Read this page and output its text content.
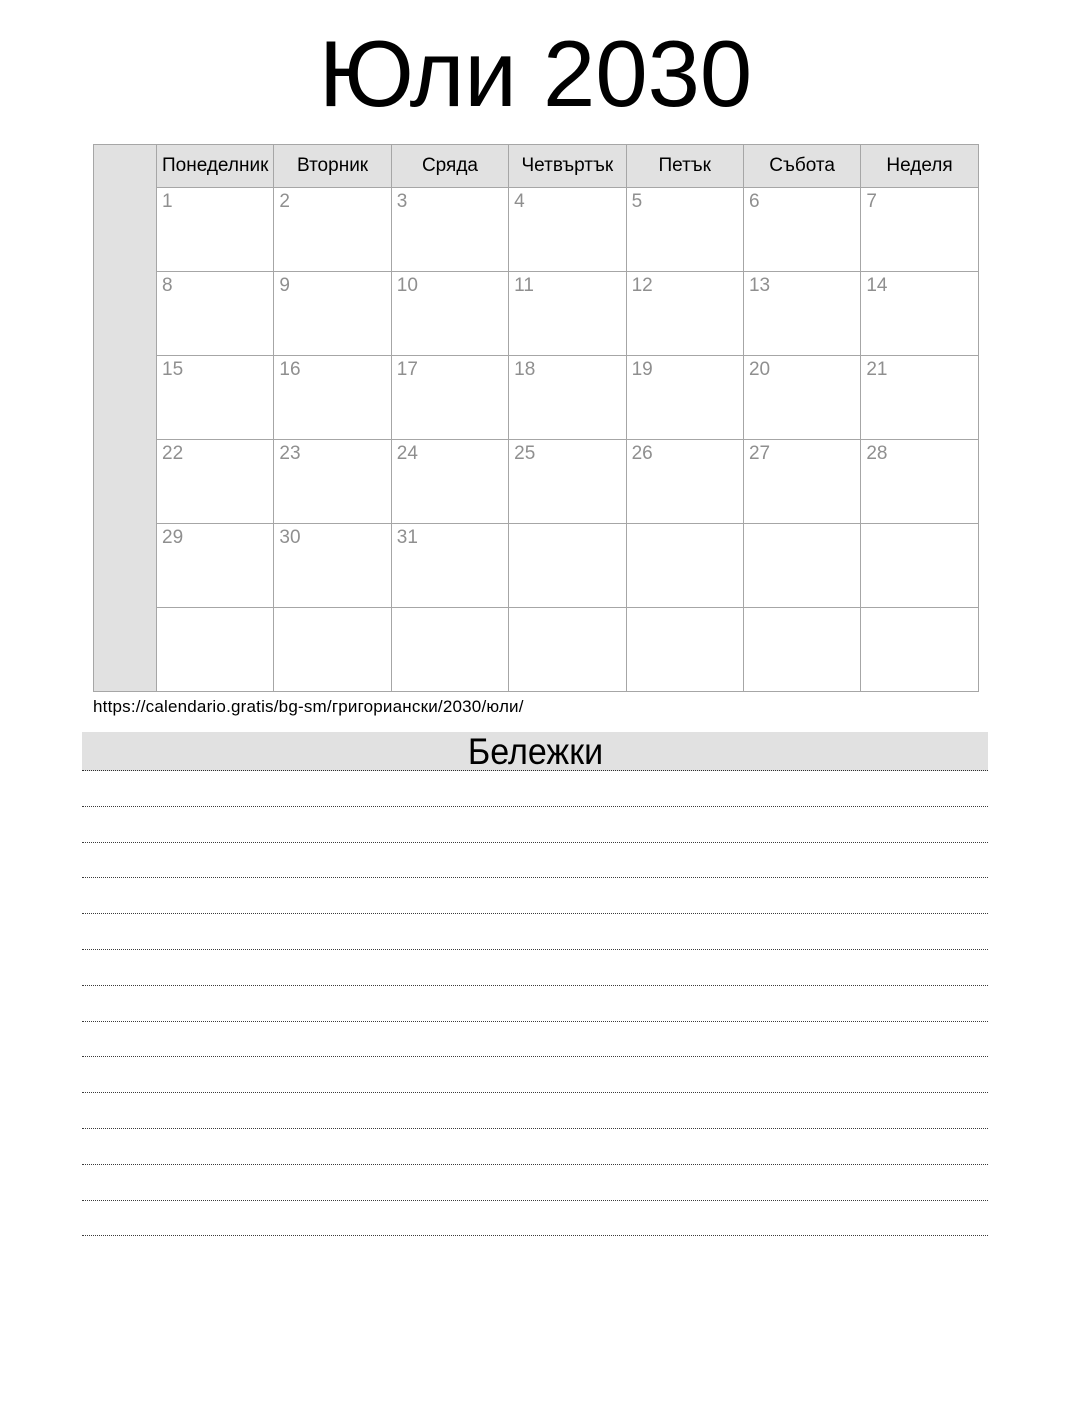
Юли 2030
	Понеделник	Вторник	Сряда	Четвъртък	Петък	Събота	Неделя
	1	2	3	4	5	6	7
	8	9	10	11	12	13	14
	15	16	17	18	19	20	21
	22	23	24	25	26	27	28
	29	30	31				

https://calendario.gratis/bg-sm/григориански/2030/юли/
Бележки
